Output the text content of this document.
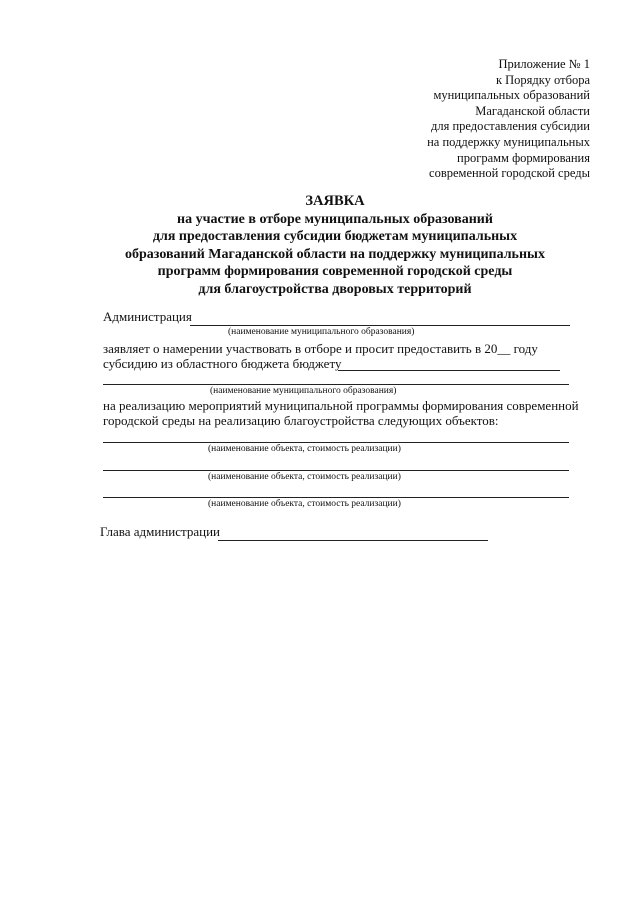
Приложение № 1
к Порядку отбора
муниципальных образований
Магаданской области
для предоставления субсидии
на поддержку муниципальных
программ формирования
современной городской среды
ЗАЯВКА
на участие в отборе муниципальных образований
для предоставления субсидии бюджетам муниципальных
образований Магаданской области на поддержку муниципальных
программ формирования современной городской среды
для благоустройства дворовых территорий
Администрация
(наименование муниципального образования)
заявляет о намерении участвовать в отборе и просит предоставить в 20__ году
субсидию из областного бюджета бюджету
(наименование муниципального образования)
на реализацию мероприятий муниципальной программы формирования современной
городской среды на реализацию благоустройства следующих объектов:
(наименование объекта, стоимость реализации)
(наименование объекта, стоимость реализации)
(наименование объекта, стоимость реализации)
Глава администрации
